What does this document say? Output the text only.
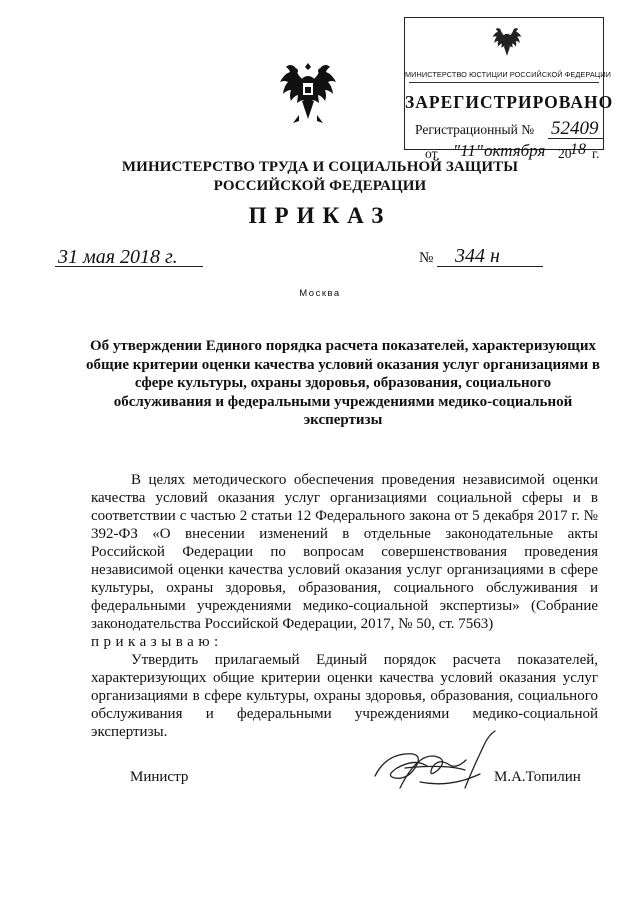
МИНИСТЕРСТВО ЮСТИЦИИ РОССИЙСКОЙ ФЕДЕРАЦИИ
ЗАРЕГИСТРИРОВАНО
Регистрационный № 52409
от "11" октября 20
18 г.
МИНИСТЕРСТВО ТРУДА И СОЦИАЛЬНОЙ ЗАЩИТЫ
РОССИЙСКОЙ ФЕДЕРАЦИИ
ПРИКАЗ
31 мая 2018 г.	№ 344 н
Москва
Об утверждении Единого порядка расчета показателей, характеризующих общие критерии оценки качества условий оказания услуг организациями в сфере культуры, охраны здоровья, образования, социального обслуживания и федеральными учреждениями медико-социальной экспертизы

В целях методического обеспечения проведения независимой оценки качества условий оказания услуг организациями социальной сферы и в соответствии с частью 2 статьи 12 Федерального закона от 5 декабря 2017 г. № 392-ФЗ «О внесении изменений в отдельные законодательные акты Российской Федерации по вопросам совершенствования проведения независимой оценки качества условий оказания услуг организациями в сфере культуры, охраны здоровья, образования, социального обслуживания и федеральными учреждениями медико-социальной экспертизы» (Собрание законодательства Российской Федерации, 2017, № 50, ст. 7563)

приказываю:

Утвердить прилагаемый Единый порядок расчета показателей, характеризующих общие критерии оценки качества условий оказания услуг организациями в сфере культуры, охраны здоровья, образования, социального обслуживания и федеральными учреждениями медико-социальной экспертизы.

Министр	М.А.Топилин
